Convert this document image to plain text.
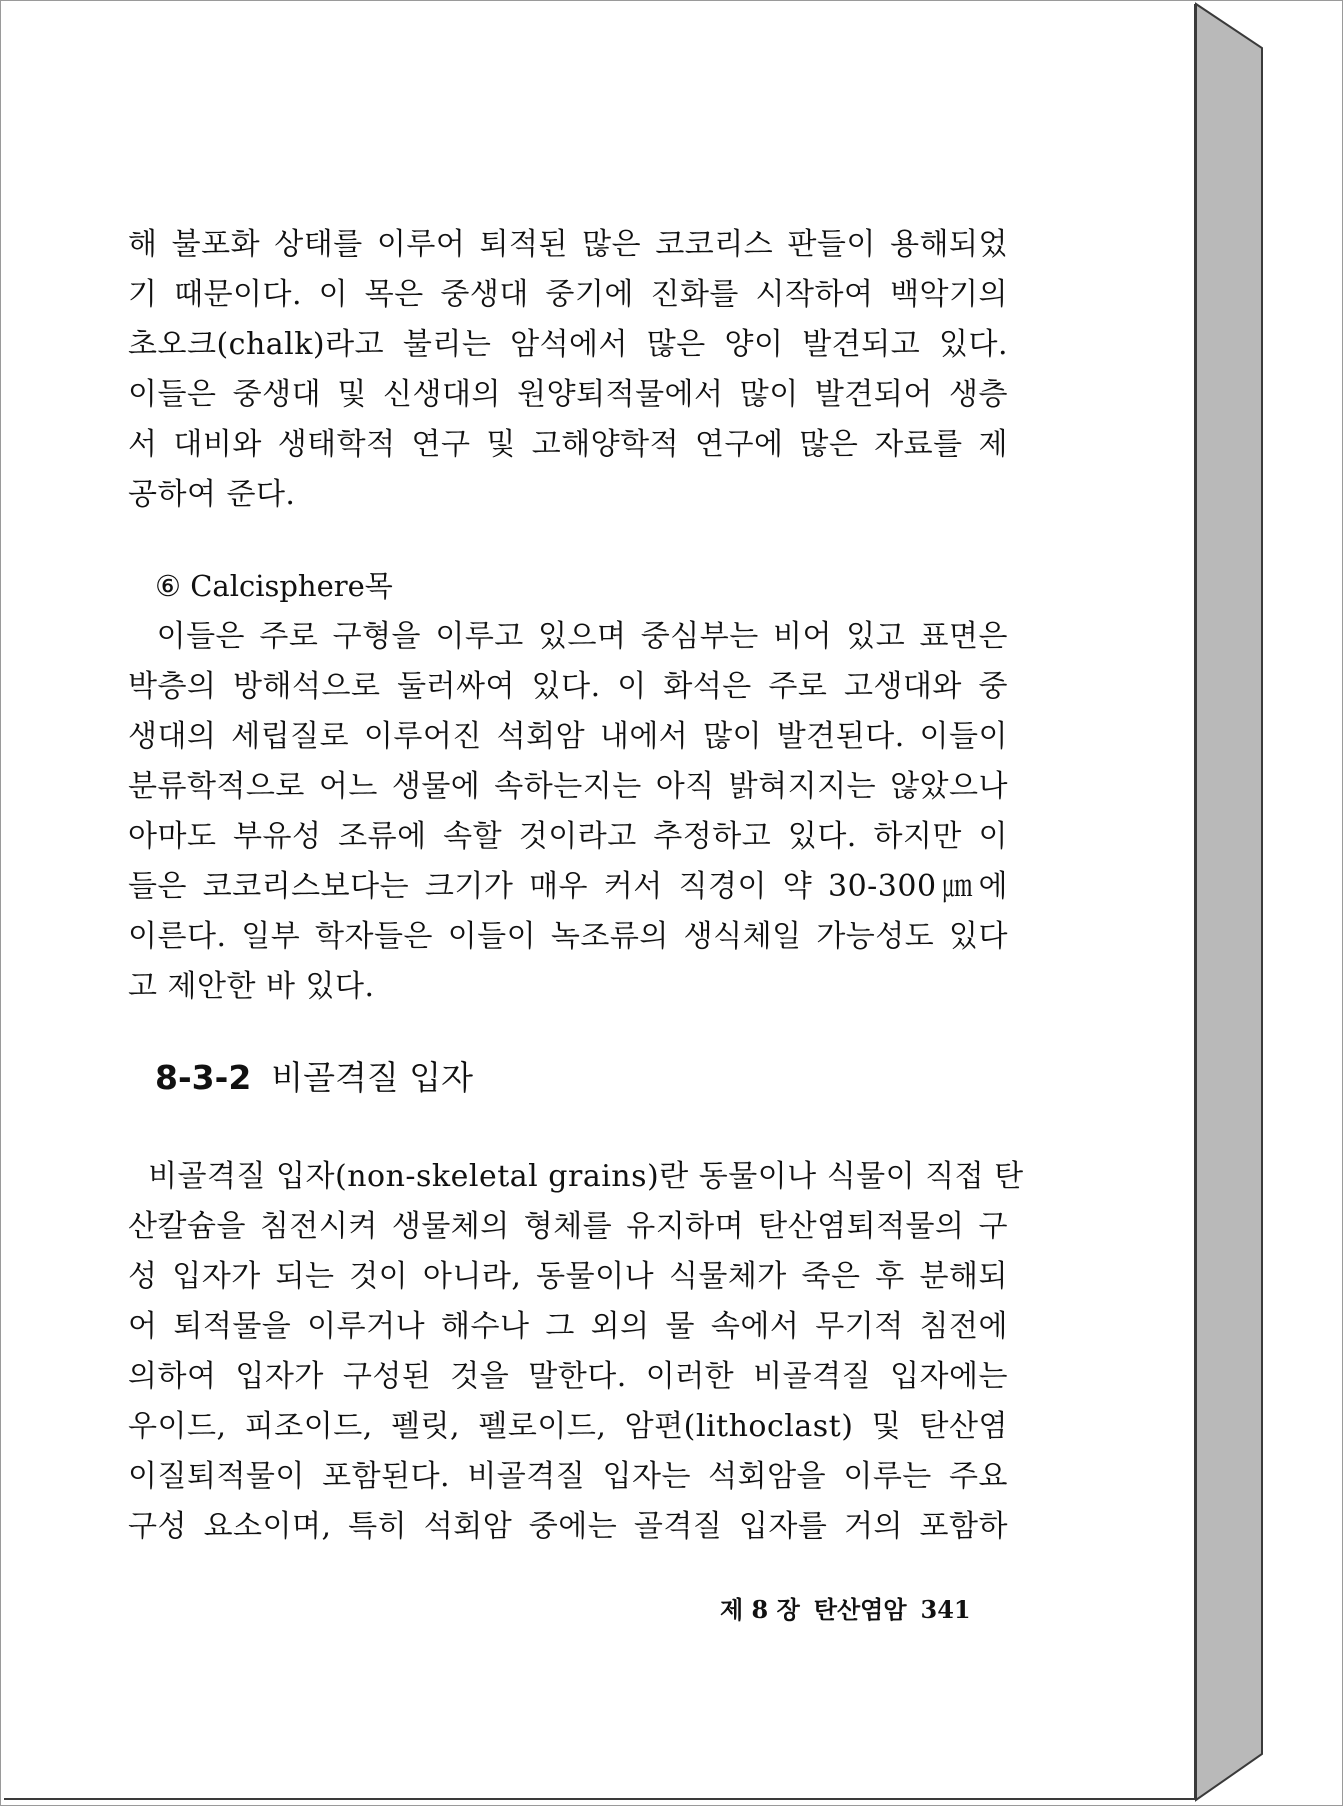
해 불포화 상태를 이루어 퇴적된 많은 코코리스 판들이 용해되었
기 때문이다. 이 목은 중생대 중기에 진화를 시작하여 백악기의
초오크(chalk)라고 불리는 암석에서 많은 양이 발견되고 있다.
이들은 중생대 및 신생대의 원양퇴적물에서 많이 발견되어 생층
서 대비와 생태학적 연구 및 고해양학적 연구에 많은 자료를 제
공하여 준다.
⑥ Calcisphere목
이들은 주로 구형을 이루고 있으며 중심부는 비어 있고 표면은
박층의 방해석으로 둘러싸여 있다. 이 화석은 주로 고생대와 중
생대의 세립질로 이루어진 석회암 내에서 많이 발견된다. 이들이
분류학적으로 어느 생물에 속하는지는 아직 밝혀지지는 않았으나
아마도 부유성 조류에 속할 것이라고 추정하고 있다. 하지만 이
들은 코코리스보다는 크기가 매우 커서 직경이 약 30-300㎛에
이른다. 일부 학자들은 이들이 녹조류의 생식체일 가능성도 있다
고 제안한 바 있다.
8-3-2 비골격질 입자
비골격질 입자(non-skeletal grains)란 동물이나 식물이 직접 탄
산칼슘을 침전시켜 생물체의 형체를 유지하며 탄산염퇴적물의 구
성 입자가 되는 것이 아니라, 동물이나 식물체가 죽은 후 분해되
어 퇴적물을 이루거나 해수나 그 외의 물 속에서 무기적 침전에
의하여 입자가 구성된 것을 말한다. 이러한 비골격질 입자에는
우이드, 피조이드, 펠릿, 펠로이드, 암편(lithoclast) 및 탄산염
이질퇴적물이 포함된다. 비골격질 입자는 석회암을 이루는 주요
구성 요소이며, 특히 석회암 중에는 골격질 입자를 거의 포함하
제 8 장 탄산염암 341
